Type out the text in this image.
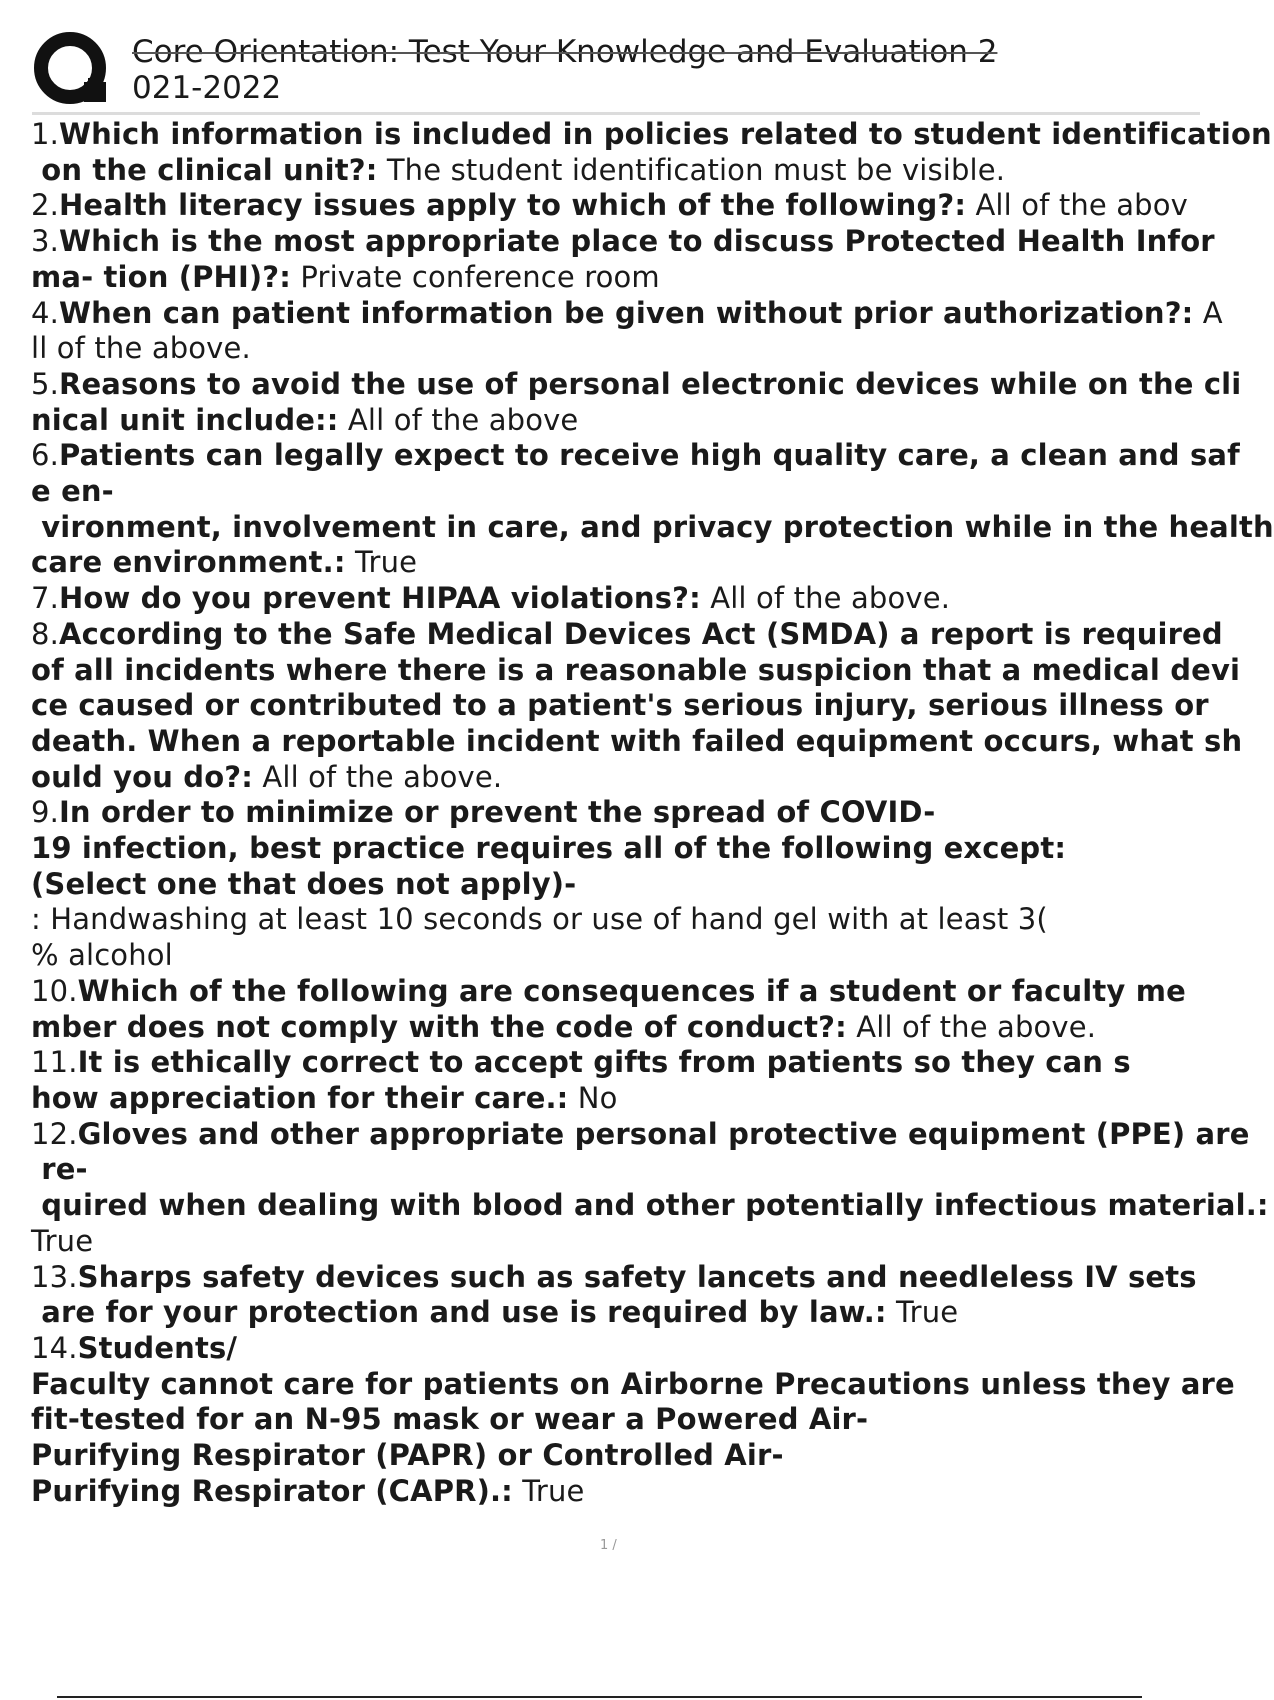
Core Orientation: Test Your Knowledge and Evaluation 2
021-2022
1.Which information is included in policies related to student identification
on the clinical unit?: The student identification must be visible.
2.Health literacy issues apply to which of the following?: All of the abov
3.Which is the most appropriate place to discuss Protected Health Infor
ma- tion (PHI)?: Private conference room
4.When can patient information be given without prior authorization?: A
ll of the above.
5.Reasons to avoid the use of personal electronic devices while on the cli
nical unit include:: All of the above
6.Patients can legally expect to receive high quality care, a clean and saf
e en-
vironment, involvement in care, and privacy protection while in the health
care environment.: True
7.How do you prevent HIPAA violations?: All of the above.
8.According to the Safe Medical Devices Act (SMDA) a report is required
of all incidents where there is a reasonable suspicion that a medical devi
ce caused or contributed to a patient's serious injury, serious illness or
death. When a reportable incident with failed equipment occurs, what sh
ould you do?: All of the above.
9.In order to minimize or prevent the spread of COVID-
19 infection, best practice requires all of the following except:
(Select one that does not apply)-
: Handwashing at least 10 seconds or use of hand gel with at least 3(
% alcohol
10.Which of the following are consequences if a student or faculty me
mber does not comply with the code of conduct?: All of the above.
11.It is ethically correct to accept gifts from patients so they can s
how appreciation for their care.: No
12.Gloves and other appropriate personal protective equipment (PPE) are
re-
quired when dealing with blood and other potentially infectious material.:
True
13.Sharps safety devices such as safety lancets and needleless IV sets
are for your protection and use is required by law.: True
14.Students/
Faculty cannot care for patients on Airborne Precautions unless they are
fit-tested for an N-95 mask or wear a Powered Air-
Purifying Respirator (PAPR) or Controlled Air-
Purifying Respirator (CAPR).: True
1 /
